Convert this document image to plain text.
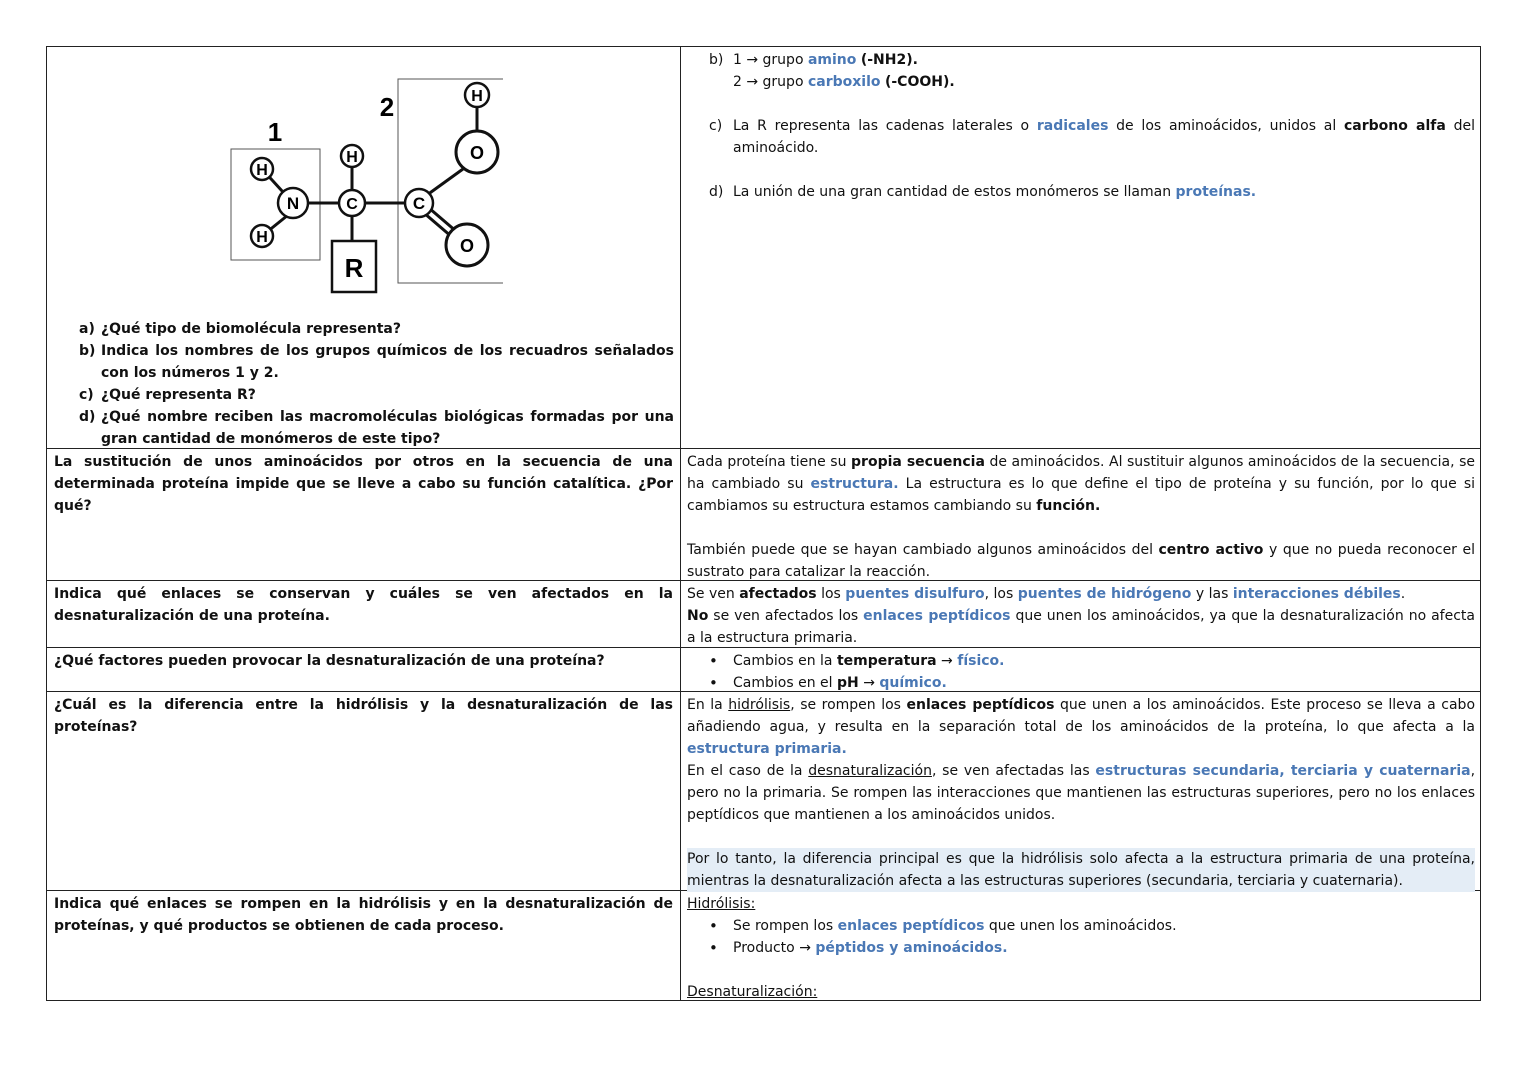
H
H
N
H
C	C
O
O
H
R
1
2
a) ¿Qué tipo de biomolécula representa?
b) Indica los nombres de los grupos químicos de los recuadros señalados con los números 1 y 2.
c) ¿Qué representa R?
d) ¿Qué nombre reciben las macromoléculas biológicas formadas por una gran cantidad de monómeros de este tipo?
b) 1 → grupo amino (-NH2).
2 → grupo carboxilo (-COOH).
c) La R representa las cadenas laterales o radicales de los aminoácidos, unidos al carbono alfa del aminoácido.
d) La unión de una gran cantidad de estos monómeros se llaman proteínas.
La sustitución de unos aminoácidos por otros en la secuencia de una determinada proteína impide que se lleve a cabo su función catalítica. ¿Por qué?
Cada proteína tiene su propia secuencia de aminoácidos. Al sustituir algunos aminoácidos de la secuencia, se ha cambiado su estructura. La estructura es lo que define el tipo de proteína y su función, por lo que si cambiamos su estructura estamos cambiando su función.
También puede que se hayan cambiado algunos aminoácidos del centro activo y que no pueda reconocer el sustrato para catalizar la reacción.
Indica qué enlaces se conservan y cuáles se ven afectados en la desnaturalización de una proteína.
Se ven afectados los puentes disulfuro, los puentes de hidrógeno y las interacciones débiles.
No se ven afectados los enlaces peptídicos que unen los aminoácidos, ya que la desnaturalización no afecta a la estructura primaria.
¿Qué factores pueden provocar la desnaturalización de una proteína?
•	Cambios en la temperatura → físico.
• Cambios en el pH → químico.
¿Cuál es la diferencia entre la hidrólisis y la desnaturalización de las proteínas?
En la hidrólisis, se rompen los enlaces peptídicos que unen a los aminoácidos. Este proceso se lleva a cabo añadiendo agua, y resulta en la separación total de los aminoácidos de la proteína, lo que afecta a la estructura primaria.
En el caso de la desnaturalización, se ven afectadas las estructuras secundaria, terciaria y cuaternaria, pero no la primaria. Se rompen las interacciones que mantienen las estructuras superiores, pero no los enlaces peptídicos que mantienen a los aminoácidos unidos.
Por lo tanto, la diferencia principal es que la hidrólisis solo afecta a la estructura primaria de una proteína, mientras la desnaturalización afecta a las estructuras superiores (secundaria, terciaria y cuaternaria).
Indica qué enlaces se rompen en la hidrólisis y en la desnaturalización de proteínas, y qué productos se obtienen de cada proceso.
Hidrólisis:
• Se rompen los enlaces peptídicos que unen los aminoácidos.
• Producto → péptidos y aminoácidos.
Desnaturalización:
